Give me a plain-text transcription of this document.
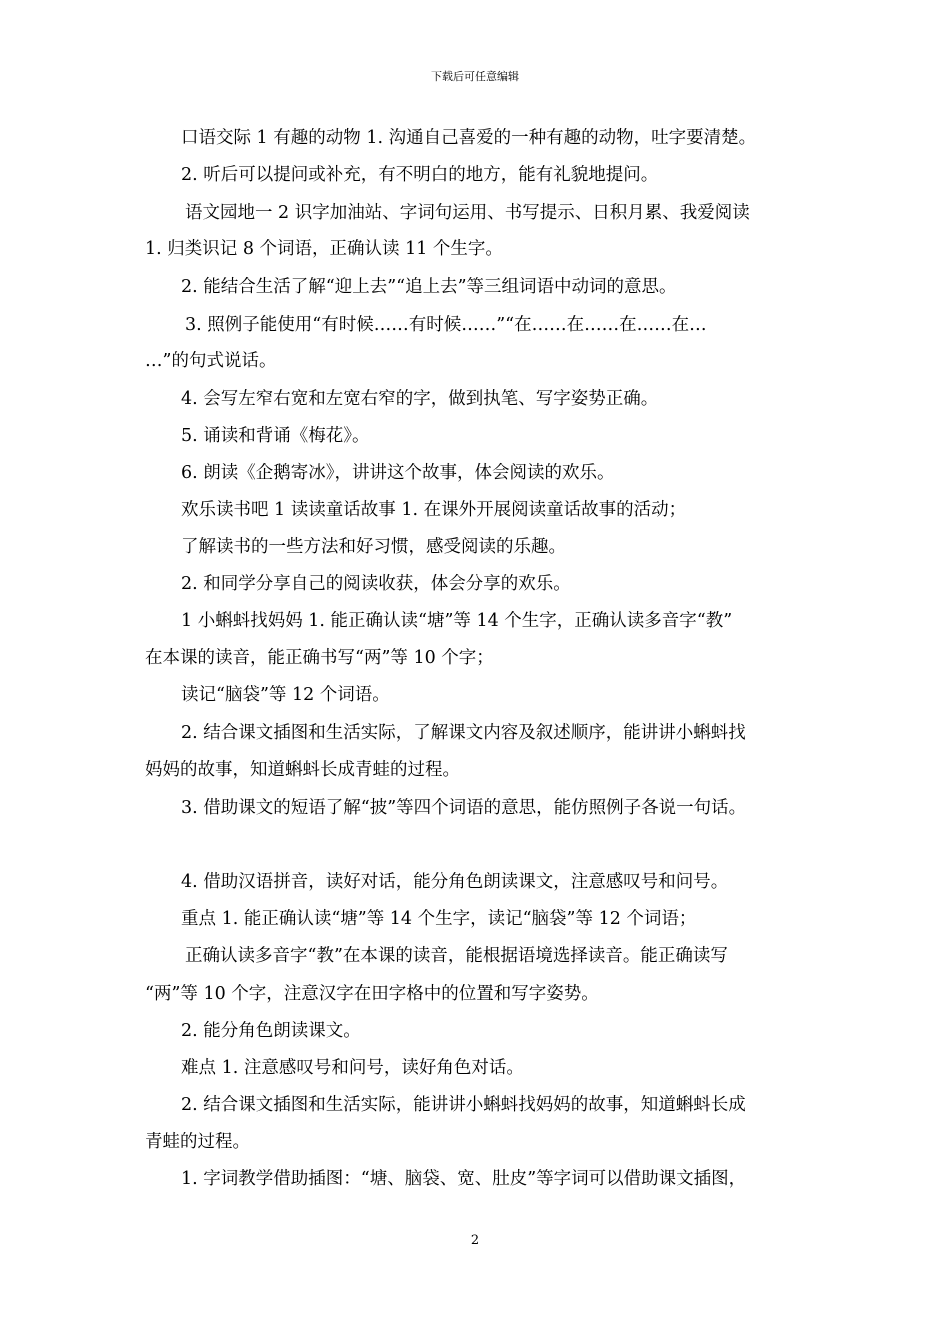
下载后可任意编辑
口语交际 1 有趣的动物 1. 沟通自己喜爱的一种有趣的动物，吐字要清楚。
2. 听后可以提问或补充，有不明白的地方，能有礼貌地提问。
语文园地一 2 识字加油站、字词句运用、书写提示、日积月累、我爱阅读
1. 归类识记 8 个词语，正确认读 11 个生字。
2. 能结合生活了解“迎上去”“追上去”等三组词语中动词的意思。
3. 照例子能使用“有时候……有时候……”“在……在……在……在…
…”的句式说话。
4. 会写左窄右宽和左宽右窄的字，做到执笔、写字姿势正确。
5. 诵读和背诵《梅花》。
6. 朗读《企鹅寄冰》，讲讲这个故事，体会阅读的欢乐。
欢乐读书吧 1 读读童话故事 1. 在课外开展阅读童话故事的活动；
了解读书的一些方法和好习惯，感受阅读的乐趣。
2. 和同学分享自己的阅读收获，体会分享的欢乐。
1 小蝌蚪找妈妈 1. 能正确认读“塘”等 14 个生字，正确认读多音字“教”
在本课的读音，能正确书写“两”等 10 个字；
读记“脑袋”等 12 个词语。
2. 结合课文插图和生活实际，了解课文内容及叙述顺序，能讲讲小蝌蚪找
妈妈的故事，知道蝌蚪长成青蛙的过程。
3. 借助课文的短语了解“披”等四个词语的意思，能仿照例子各说一句话。
4. 借助汉语拼音，读好对话，能分角色朗读课文，注意感叹号和问号。
重点 1. 能正确认读“塘”等 14 个生字，读记“脑袋”等 12 个词语；
正确认读多音字“教”在本课的读音，能根据语境选择读音。能正确读写
“两”等 10 个字，注意汉字在田字格中的位置和写字姿势。
2. 能分角色朗读课文。
难点 1. 注意感叹号和问号，读好角色对话。
2. 结合课文插图和生活实际，能讲讲小蝌蚪找妈妈的故事，知道蝌蚪长成
青蛙的过程。
1. 字词教学借助插图：“塘、脑袋、宽、肚皮”等字词可以借助课文插图，
2
